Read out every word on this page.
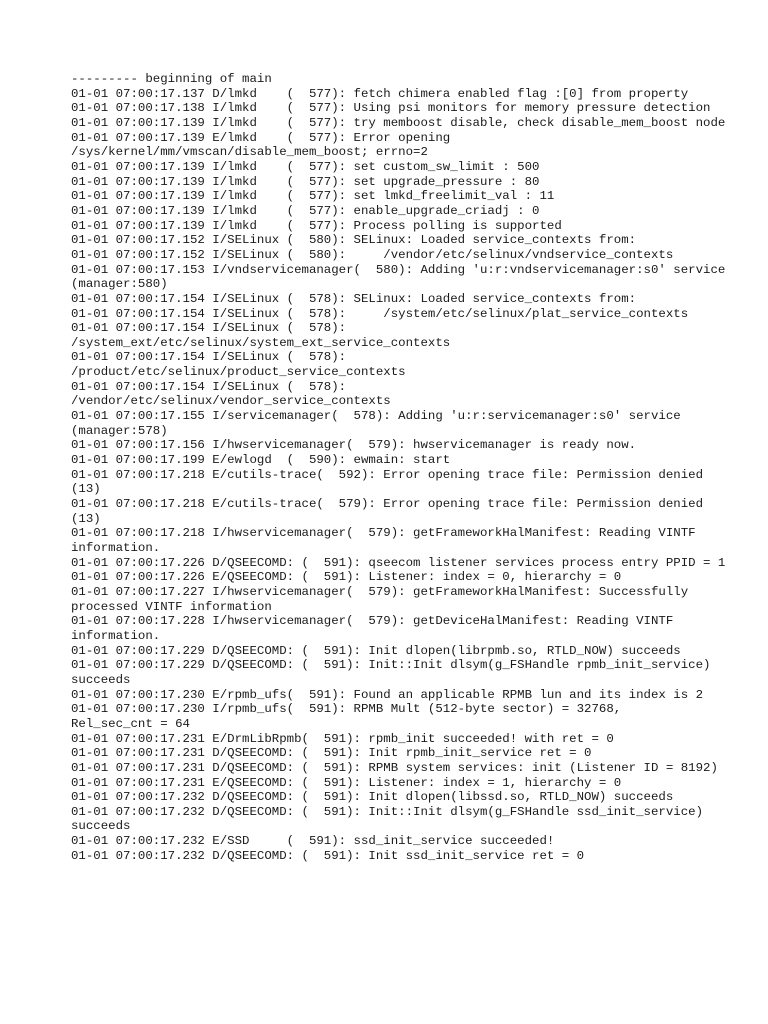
--------- beginning of main
01-01 07:00:17.137 D/lmkd    (  577): fetch chimera enabled flag :[0] from property
01-01 07:00:17.138 I/lmkd    (  577): Using psi monitors for memory pressure detection
01-01 07:00:17.139 I/lmkd    (  577): try memboost disable, check disable_mem_boost node
01-01 07:00:17.139 E/lmkd    (  577): Error opening
/sys/kernel/mm/vmscan/disable_mem_boost; errno=2
01-01 07:00:17.139 I/lmkd    (  577): set custom_sw_limit : 500
01-01 07:00:17.139 I/lmkd    (  577): set upgrade_pressure : 80
01-01 07:00:17.139 I/lmkd    (  577): set lmkd_freelimit_val : 11
01-01 07:00:17.139 I/lmkd    (  577): enable_upgrade_criadj : 0
01-01 07:00:17.139 I/lmkd    (  577): Process polling is supported
01-01 07:00:17.152 I/SELinux (  580): SELinux: Loaded service_contexts from:
01-01 07:00:17.152 I/SELinux (  580):     /vendor/etc/selinux/vndservice_contexts
01-01 07:00:17.153 I/vndservicemanager(  580): Adding 'u:r:vndservicemanager:s0' service (manager:580)
01-01 07:00:17.154 I/SELinux (  578): SELinux: Loaded service_contexts from:
01-01 07:00:17.154 I/SELinux (  578):     /system/etc/selinux/plat_service_contexts
01-01 07:00:17.154 I/SELinux (  578):
/system_ext/etc/selinux/system_ext_service_contexts
01-01 07:00:17.154 I/SELinux (  578):
/product/etc/selinux/product_service_contexts
01-01 07:00:17.154 I/SELinux (  578):
/vendor/etc/selinux/vendor_service_contexts
01-01 07:00:17.155 I/servicemanager(  578): Adding 'u:r:servicemanager:s0' service (manager:578)
01-01 07:00:17.156 I/hwservicemanager(  579): hwservicemanager is ready now.
01-01 07:00:17.199 E/ewlogd  (  590): ewmain: start
01-01 07:00:17.218 E/cutils-trace(  592): Error opening trace file: Permission denied (13)
01-01 07:00:17.218 E/cutils-trace(  579): Error opening trace file: Permission denied (13)
01-01 07:00:17.218 I/hwservicemanager(  579): getFrameworkHalManifest: Reading VINTF information.
01-01 07:00:17.226 D/QSEECOMD: (  591): qseecom listener services process entry PPID = 1
01-01 07:00:17.226 E/QSEECOMD: (  591): Listener: index = 0, hierarchy = 0
01-01 07:00:17.227 I/hwservicemanager(  579): getFrameworkHalManifest: Successfully processed VINTF information
01-01 07:00:17.228 I/hwservicemanager(  579): getDeviceHalManifest: Reading VINTF information.
01-01 07:00:17.229 D/QSEECOMD: (  591): Init dlopen(librpmb.so, RTLD_NOW) succeeds
01-01 07:00:17.229 D/QSEECOMD: (  591): Init::Init dlsym(g_FSHandle rpmb_init_service) succeeds
01-01 07:00:17.230 E/rpmb_ufs(  591): Found an applicable RPMB lun and its index is 2
01-01 07:00:17.230 I/rpmb_ufs(  591): RPMB Mult (512-byte sector) = 32768,
Rel_sec_cnt = 64
01-01 07:00:17.231 E/DrmLibRpmb(  591): rpmb_init succeeded! with ret = 0
01-01 07:00:17.231 D/QSEECOMD: (  591): Init rpmb_init_service ret = 0
01-01 07:00:17.231 D/QSEECOMD: (  591): RPMB system services: init (Listener ID = 8192)
01-01 07:00:17.231 E/QSEECOMD: (  591): Listener: index = 1, hierarchy = 0
01-01 07:00:17.232 D/QSEECOMD: (  591): Init dlopen(libssd.so, RTLD_NOW) succeeds
01-01 07:00:17.232 D/QSEECOMD: (  591): Init::Init dlsym(g_FSHandle ssd_init_service) succeeds
01-01 07:00:17.232 E/SSD     (  591): ssd_init_service succeeded!
01-01 07:00:17.232 D/QSEECOMD: (  591): Init ssd_init_service ret = 0
